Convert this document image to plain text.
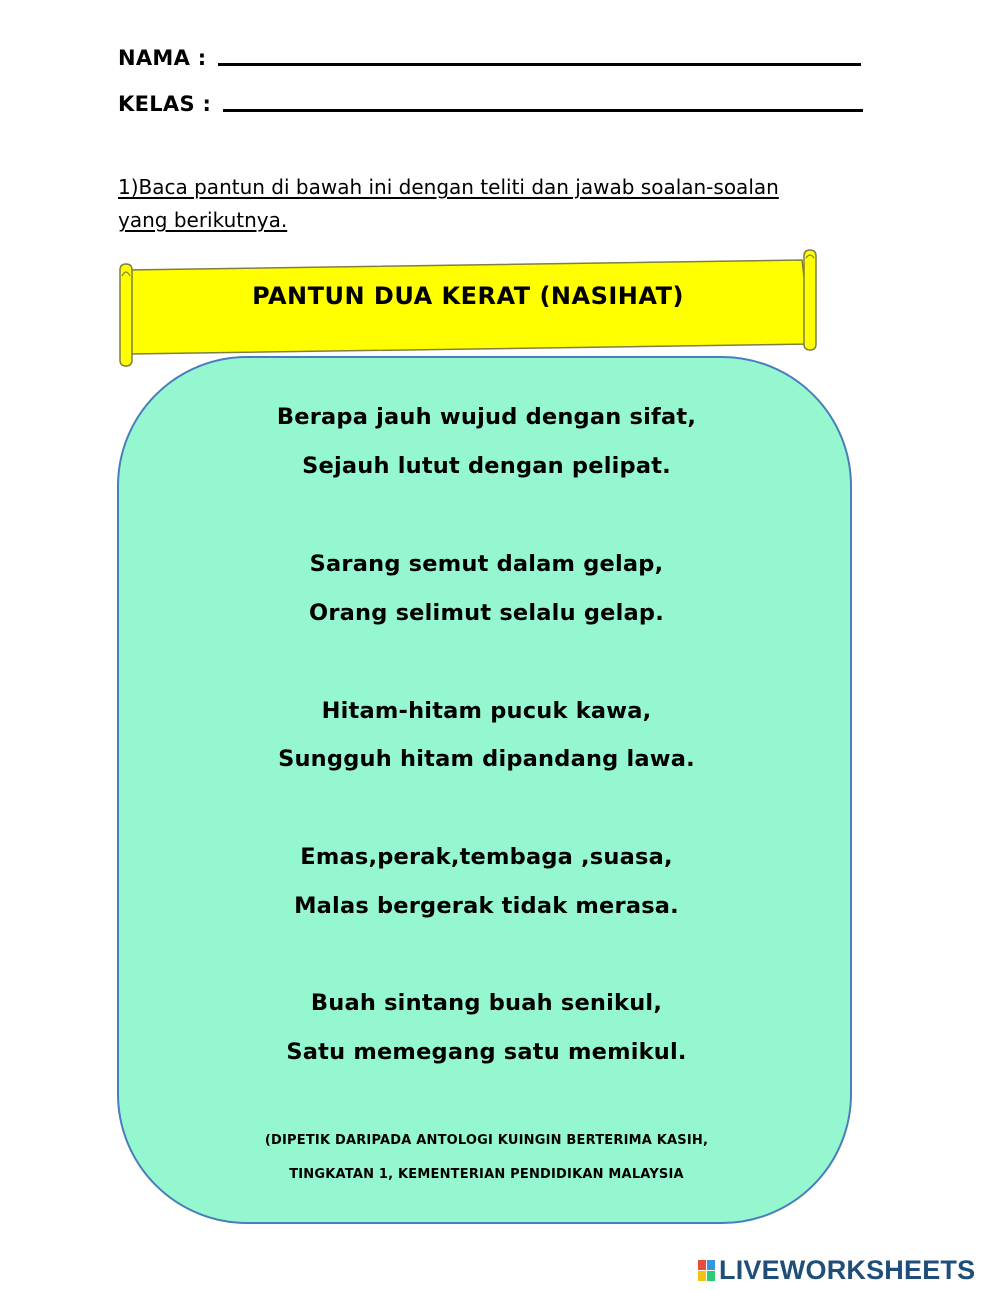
NAMA :
KELAS :
1)Baca pantun di bawah ini dengan teliti dan jawab soalan-soalan
yang berikutnya.
PANTUN DUA KERAT (NASIHAT)
Berapa jauh wujud dengan sifat,
Sejauh lutut dengan pelipat.
Sarang semut dalam gelap,
Orang selimut selalu gelap.
Hitam-hitam pucuk kawa,
Sungguh hitam dipandang lawa.
Emas,perak,tembaga ,suasa,
Malas bergerak tidak merasa.
Buah sintang buah senikul,
Satu memegang satu memikul.
(DIPETIK DARIPADA ANTOLOGI KUINGIN BERTERIMA KASIH,
TINGKATAN 1, KEMENTERIAN PENDIDIKAN MALAYSIA
LIVEWORKSHEETS
